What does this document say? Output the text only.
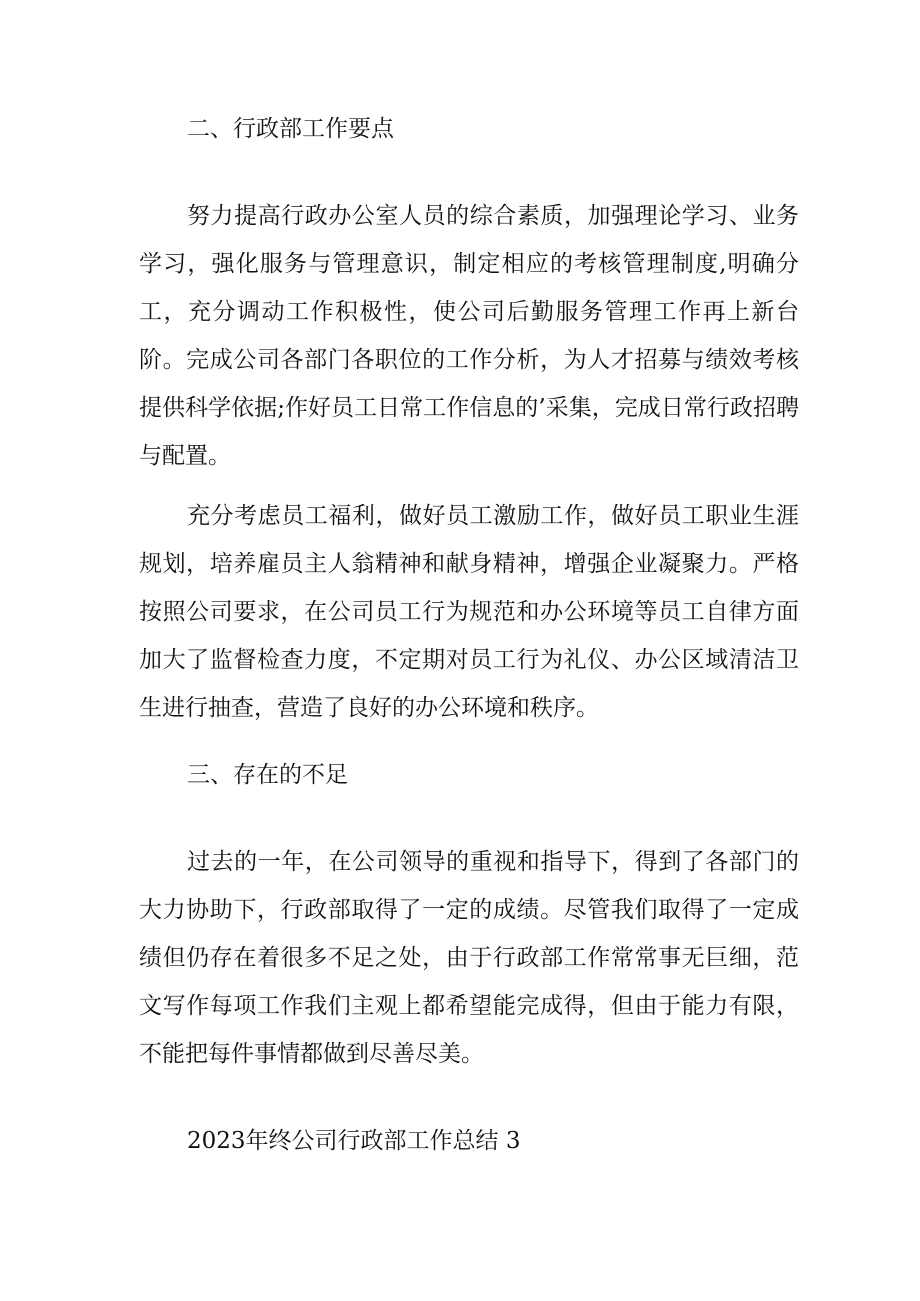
二、行政部工作要点

努力提高行政办公室人员的综合素质，加强理论学习、业务学习，强化服务与管理意识，制定相应的考核管理制度,明确分工，充分调动工作积极性，使公司后勤服务管理工作再上新台阶。完成公司各部门各职位的工作分析，为人才招募与绩效考核提供科学依据;作好员工日常工作信息的’采集，完成日常行政招聘与配置。

充分考虑员工福利，做好员工激励工作，做好员工职业生涯规划，培养雇员主人翁精神和献身精神，增强企业凝聚力。严格按照公司要求，在公司员工行为规范和办公环境等员工自律方面加大了监督检查力度，不定期对员工行为礼仪、办公区域清洁卫生进行抽查，营造了良好的办公环境和秩序。

三、存在的不足

过去的一年，在公司领导的重视和指导下，得到了各部门的大力协助下，行政部取得了一定的成绩。尽管我们取得了一定成绩但仍存在着很多不足之处，由于行政部工作常常事无巨细，范文写作每项工作我们主观上都希望能完成得，但由于能力有限，不能把每件事情都做到尽善尽美。

2023年终公司行政部工作总结 3
